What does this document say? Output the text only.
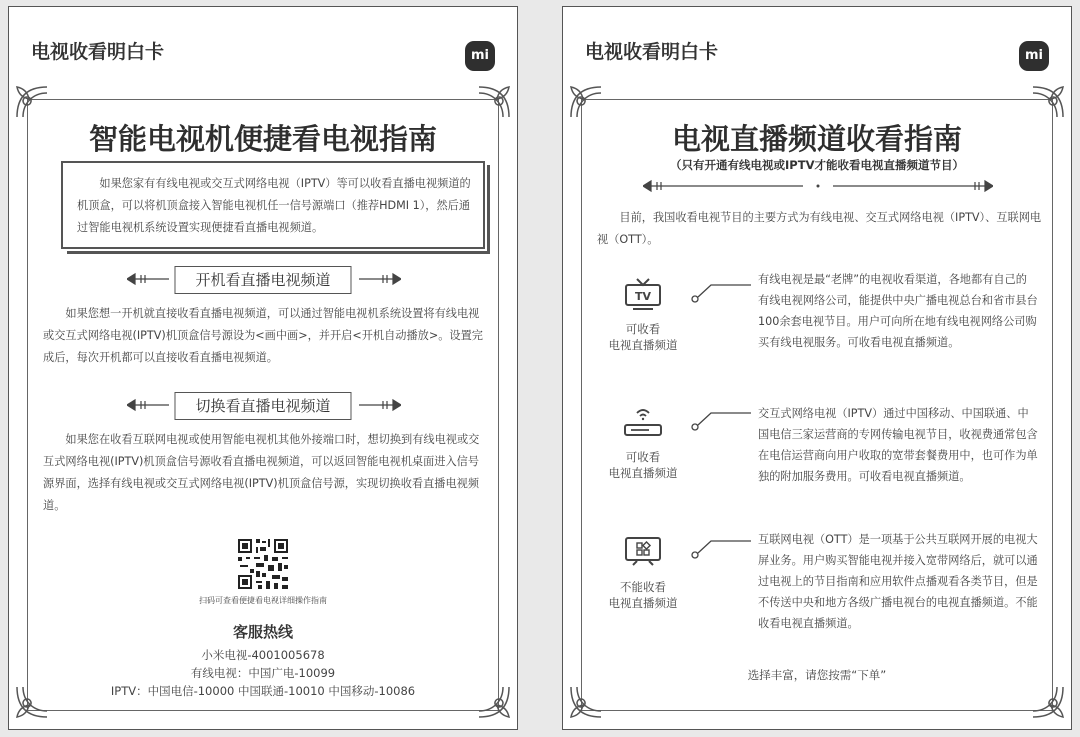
电视收看明白卡	mi
智能电视机便捷看电视指南

如果您家有有线电视或交互式网络电视（IPTV）等可以收看直播电视频道的机顶盒，可以将机顶盒接入智能电视机任一信号源端口（推荐HDMI 1），然后通过智能电视机系统设置实现便捷看直播电视频道。

开机看直播电视频道

如果您想一开机就直接收看直播电视频道，可以通过智能电视机系统设置将有线电视或交互式网络电视(IPTV)机顶盒信号源设为<画中画>，并开启<开机自动播放>。设置完成后，每次开机都可以直接收看直播电视频道。

切换看直播电视频道

如果您在收看互联网电视或使用智能电视机其他外接端口时，想切换到有线电视或交互式网络电视(IPTV)机顶盒信号源收看直播电视频道，可以返回智能电视机桌面进入信号源界面，选择有线电视或交互式网络电视(IPTV)机顶盒信号源，实现切换收看直播电视频道。

扫码可查看便捷看电视详细操作指南
客服热线
小米电视-4001005678
有线电视：中国广电-10099
IPTV：中国电信-10000 中国联通-10010 中国移动-10086
电视收看明白卡	mi
电视直播频道收看指南
（只有开通有线电视或IPTV才能收看电视直播频道节目）

目前，我国收看电视节目的主要方式为有线电视、交互式网络电视（IPTV）、互联网电视（OTT）。

TV
可收看
电视直播频道

有线电视是最“老牌”的电视收看渠道，各地都有自己的有线电视网络公司，能提供中央广播电视总台和省市县台100余套电视节目。用户可向所在地有线电视网络公司购买有线电视服务。可收看电视直播频道。

可收看
电视直播频道

交互式网络电视（IPTV）通过中国移动、中国联通、中国电信三家运营商的专网传输电视节目，收视费通常包含在电信运营商向用户收取的宽带套餐费用中，也可作为单独的附加服务费用。可收看电视直播频道。

不能收看
电视直播频道

互联网电视（OTT）是一项基于公共互联网开展的电视大屏业务。用户购买智能电视并接入宽带网络后，就可以通过电视上的节目指南和应用软件点播观看各类节目，但是不传送中央和地方各级广播电视台的电视直播频道。不能收看电视直播频道。

选择丰富，请您按需“下单”
